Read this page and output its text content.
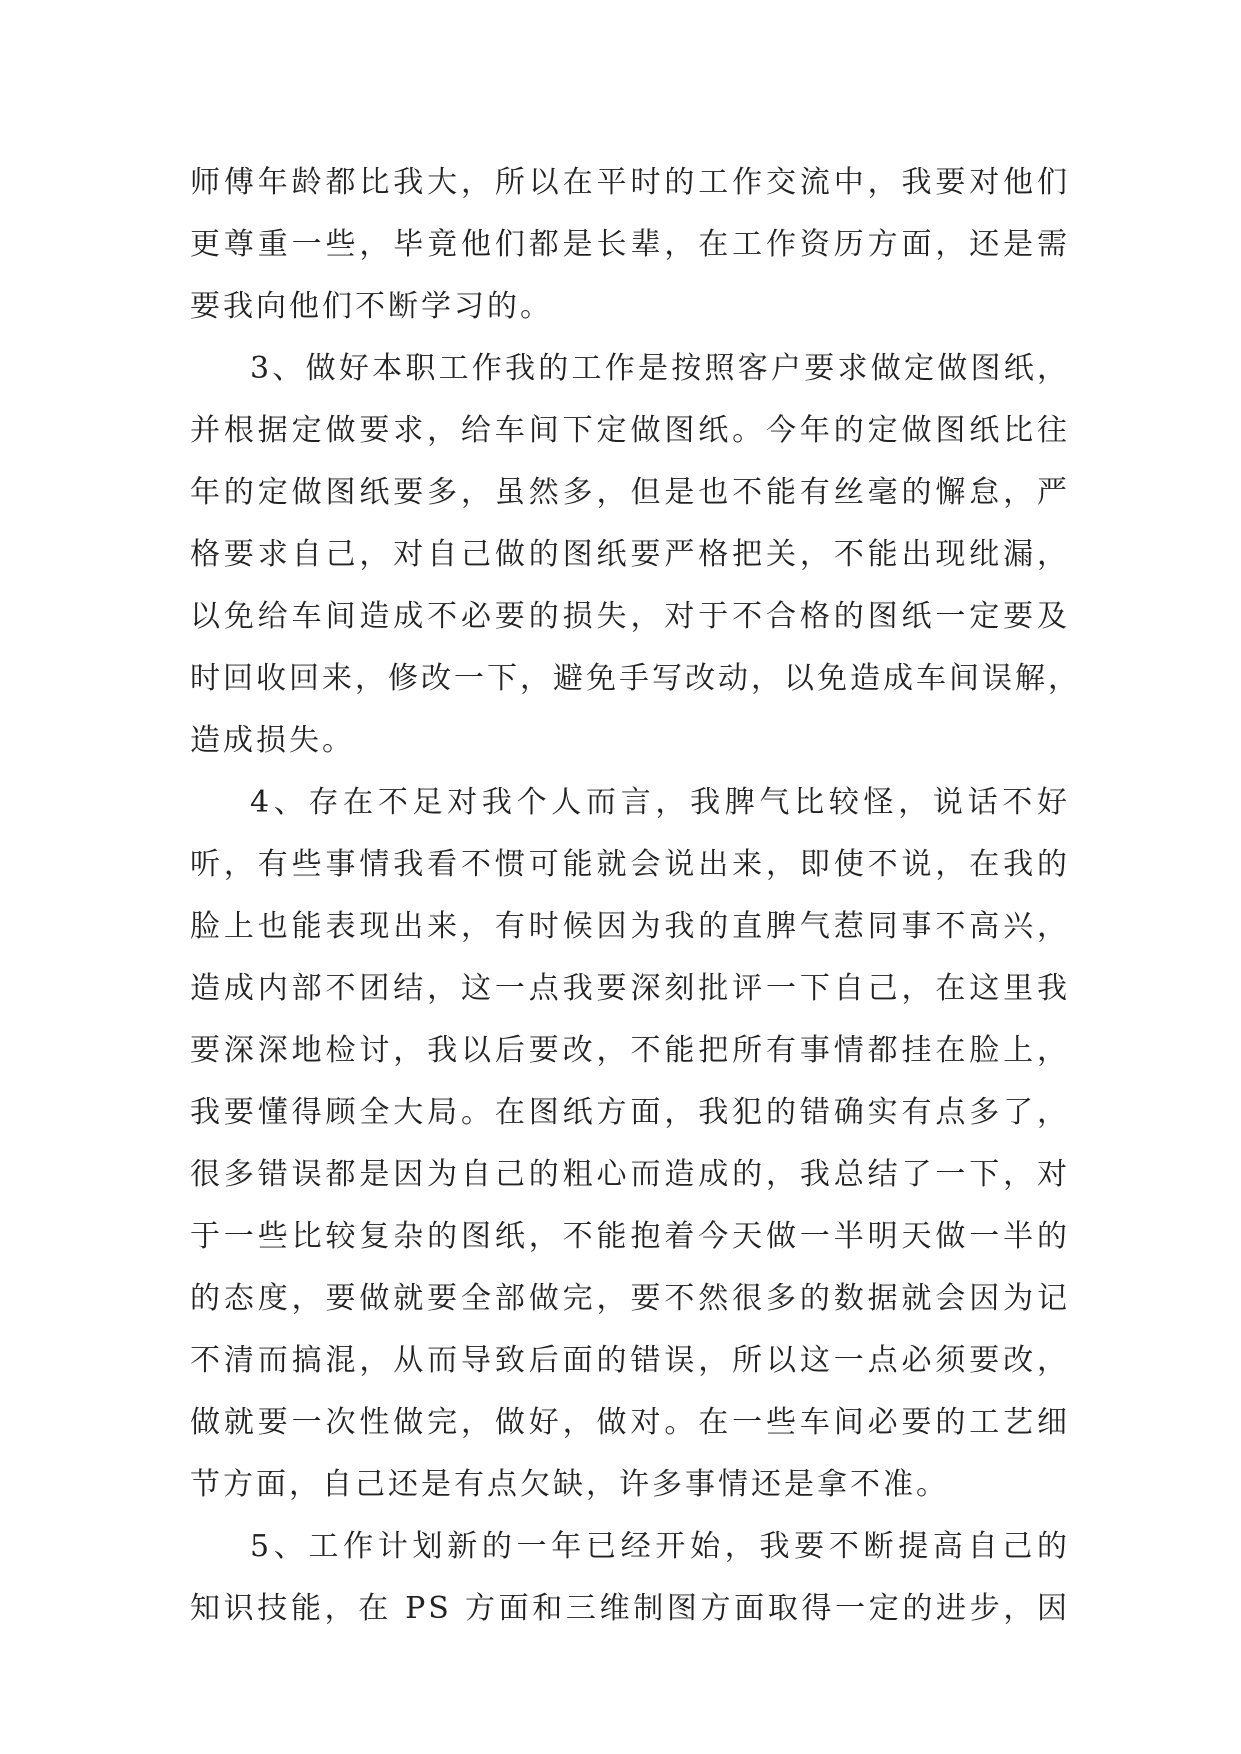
师傅年龄都比我大，所以在平时的工作交流中，我要对他们
更尊重一些，毕竟他们都是长辈，在工作资历方面，还是需
要我向他们不断学习的。
3、做好本职工作我的工作是按照客户要求做定做图纸，
并根据定做要求，给车间下定做图纸。今年的定做图纸比往
年的定做图纸要多，虽然多，但是也不能有丝毫的懈怠，严
格要求自己，对自己做的图纸要严格把关，不能出现纰漏，
以免给车间造成不必要的损失，对于不合格的图纸一定要及
时回收回来，修改一下，避免手写改动，以免造成车间误解，
造成损失。
4、存在不足对我个人而言，我脾气比较怪，说话不好
听，有些事情我看不惯可能就会说出来，即使不说，在我的
脸上也能表现出来，有时候因为我的直脾气惹同事不高兴，
造成内部不团结，这一点我要深刻批评一下自己，在这里我
要深深地检讨，我以后要改，不能把所有事情都挂在脸上，
我要懂得顾全大局。在图纸方面，我犯的错确实有点多了，
很多错误都是因为自己的粗心而造成的，我总结了一下，对
于一些比较复杂的图纸，不能抱着今天做一半明天做一半的
的态度，要做就要全部做完，要不然很多的数据就会因为记
不清而搞混，从而导致后面的错误，所以这一点必须要改，
做就要一次性做完，做好，做对。在一些车间必要的工艺细
节方面，自己还是有点欠缺，许多事情还是拿不准。
5、工作计划新的一年已经开始，我要不断提高自己的
知识技能，在 PS 方面和三维制图方面取得一定的进步，因
